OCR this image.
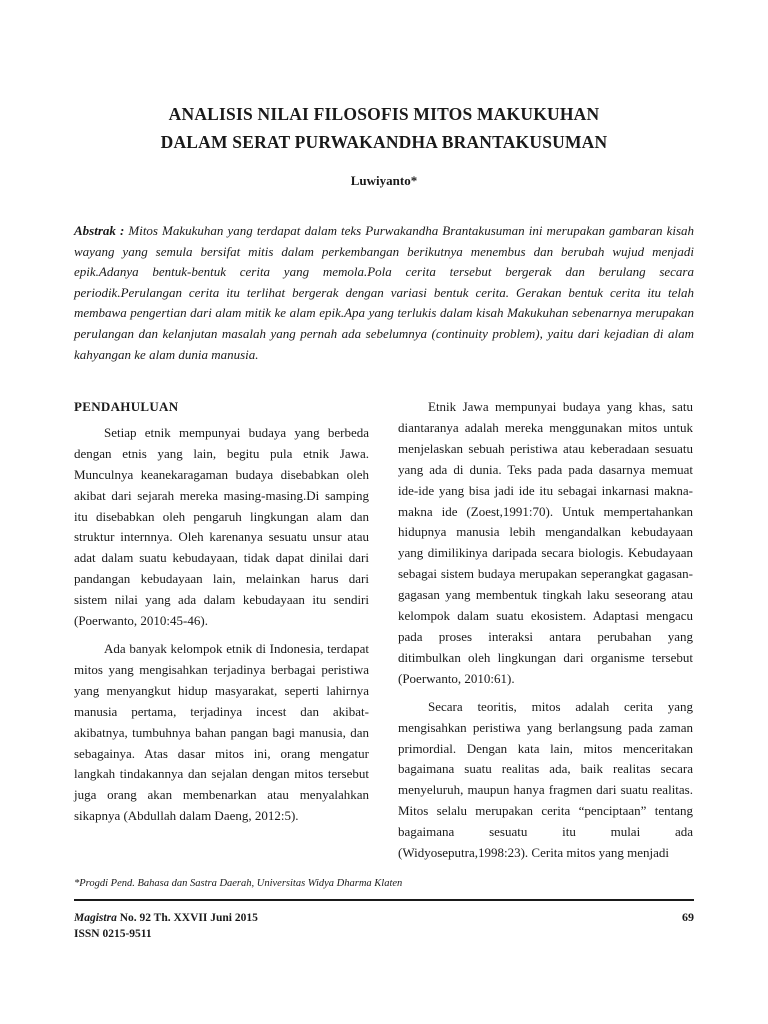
ANALISIS NILAI FILOSOFIS MITOS MAKUKUHAN
DALAM SERAT PURWAKANDHA BRANTAKUSUMAN
Luwiyanto*
Abstrak : Mitos Makukuhan yang terdapat dalam teks Purwakandha Brantakusuman ini merupakan gambaran kisah wayang yang semula bersifat mitis dalam perkembangan berikutnya menembus dan berubah wujud menjadi epik.Adanya bentuk-bentuk cerita yang memola.Pola cerita tersebut bergerak dan berulang secara periodik.Perulangan cerita itu terlihat bergerak dengan variasi bentuk cerita. Gerakan bentuk cerita itu telah membawa pengertian dari alam mitik ke alam epik.Apa yang terlukis dalam kisah Makukuhan sebenarnya merupakan perulangan dan kelanjutan masalah yang pernah ada sebelumnya (continuity problem), yaitu dari kejadian di alam kahyangan ke alam dunia manusia.
PENDAHULUAN

Setiap etnik mempunyai budaya yang berbeda dengan etnis yang lain, begitu pula etnik Jawa. Munculnya keanekaragaman budaya disebabkan oleh akibat dari sejarah mereka masing-masing.Di samping itu disebabkan oleh pengaruh lingkungan alam dan struktur internnya. Oleh karenanya sesuatu unsur atau adat dalam suatu kebudayaan, tidak dapat dinilai dari pandangan kebudayaan lain, melainkan harus dari sistem nilai yang ada dalam kebudayaan itu sendiri (Poerwanto, 2010:45-46).

Ada banyak kelompok etnik di Indonesia, terdapat mitos yang mengisahkan terjadinya berbagai peristiwa yang menyangkut hidup masyarakat, seperti lahirnya manusia pertama, terjadinya incest dan akibat-akibatnya, tumbuhnya bahan pangan bagi manusia, dan sebagainya. Atas dasar mitos ini, orang mengatur langkah tindakannya dan sejalan dengan mitos tersebut juga orang akan membenarkan atau menyalahkan sikapnya (Abdullah dalam Daeng, 2012:5).

Etnik Jawa mempunyai budaya yang khas, satu diantaranya adalah mereka menggunakan mitos untuk menjelaskan sebuah peristiwa atau keberadaan sesuatu yang ada di dunia. Teks pada pada dasarnya memuat ide-ide yang bisa jadi ide itu sebagai inkarnasi makna-makna ide (Zoest,1991:70). Untuk mempertahankan hidupnya manusia lebih mengandalkan kebudayaan yang dimilikinya daripada secara biologis. Kebudayaan sebagai sistem budaya merupakan seperangkat gagasan-gagasan yang membentuk tingkah laku seseorang atau kelompok dalam suatu ekosistem. Adaptasi mengacu pada proses interaksi antara perubahan yang ditimbulkan oleh lingkungan dari organisme tersebut (Poerwanto, 2010:61).

Secara teoritis, mitos adalah cerita yang mengisahkan peristiwa yang berlangsung pada zaman primordial. Dengan kata lain, mitos menceritakan bagaimana suatu realitas ada, baik realitas secara menyeluruh, maupun hanya fragmen dari suatu realitas. Mitos selalu merupakan cerita “penciptaan” tentang bagaimana sesuatu itu mulai ada (Widyoseputra,1998:23). Cerita mitos yang menjadi

*Progdi Pend. Bahasa dan Sastra Daerah, Universitas Widya Dharma Klaten
Magistra No. 92 Th. XXVII Juni 2015
ISSN 0215-9511
69
